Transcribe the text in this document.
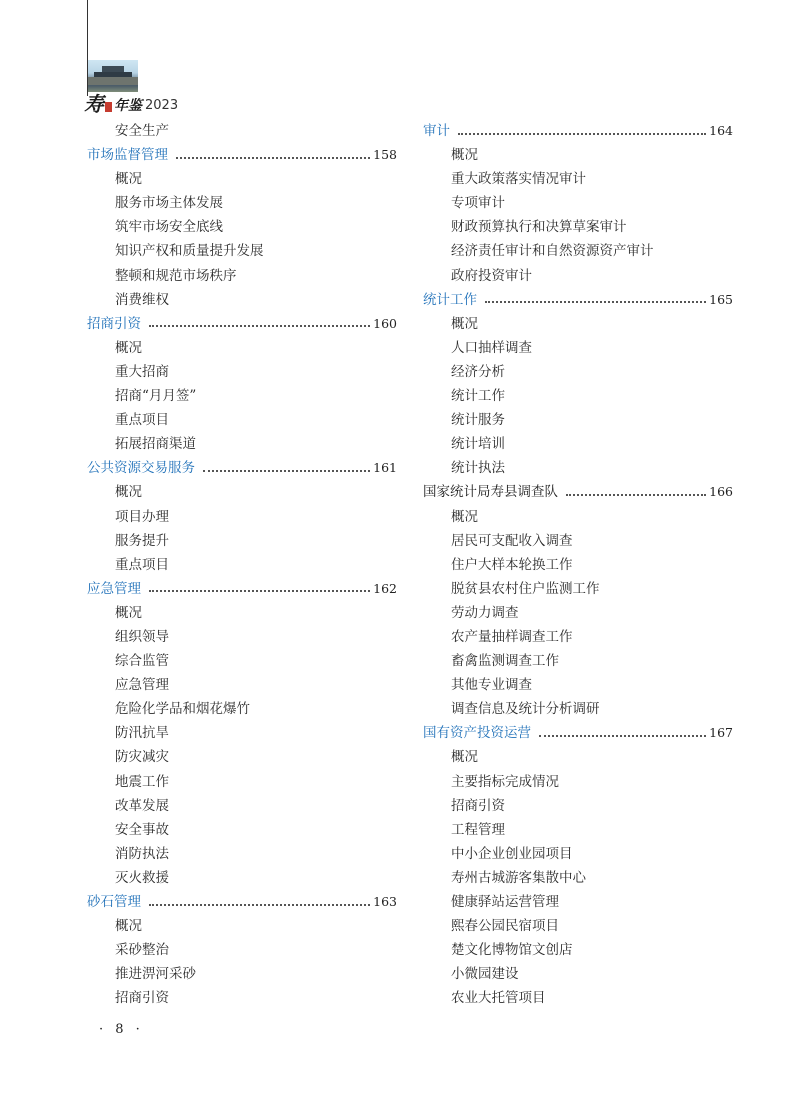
寿 年鉴 2023
安全生产
市场监督管理	158
概况
服务市场主体发展
筑牢市场安全底线
知识产权和质量提升发展
整顿和规范市场秩序
消费维权
招商引资	160
概况
重大招商
招商“月月签”
重点项目
拓展招商渠道
公共资源交易服务	161
概况
项目办理
服务提升
重点项目
应急管理	162
概况
组织领导
综合监管
应急管理
危险化学品和烟花爆竹
防汛抗旱
防灾减灾
地震工作
改革发展
安全事故
消防执法
灭火救援
砂石管理	163
概况
采砂整治
推进淠河采砂
招商引资
审计	164
概况
重大政策落实情况审计
专项审计
财政预算执行和决算草案审计
经济责任审计和自然资源资产审计
政府投资审计
统计工作	165
概况
人口抽样调查
经济分析
统计工作
统计服务
统计培训
统计执法
国家统计局寿县调查队	166
概况
居民可支配收入调查
住户大样本轮换工作
脱贫县农村住户监测工作
劳动力调查
农产量抽样调查工作
畜禽监测调查工作
其他专业调查
调查信息及统计分析调研
国有资产投资运营	167
概况
主要指标完成情况
招商引资
工程管理
中小企业创业园项目
寿州古城游客集散中心
健康驿站运营管理
熙春公园民宿项目
楚文化博物馆文创店
小微园建设
农业大托管项目
· 8 ·
